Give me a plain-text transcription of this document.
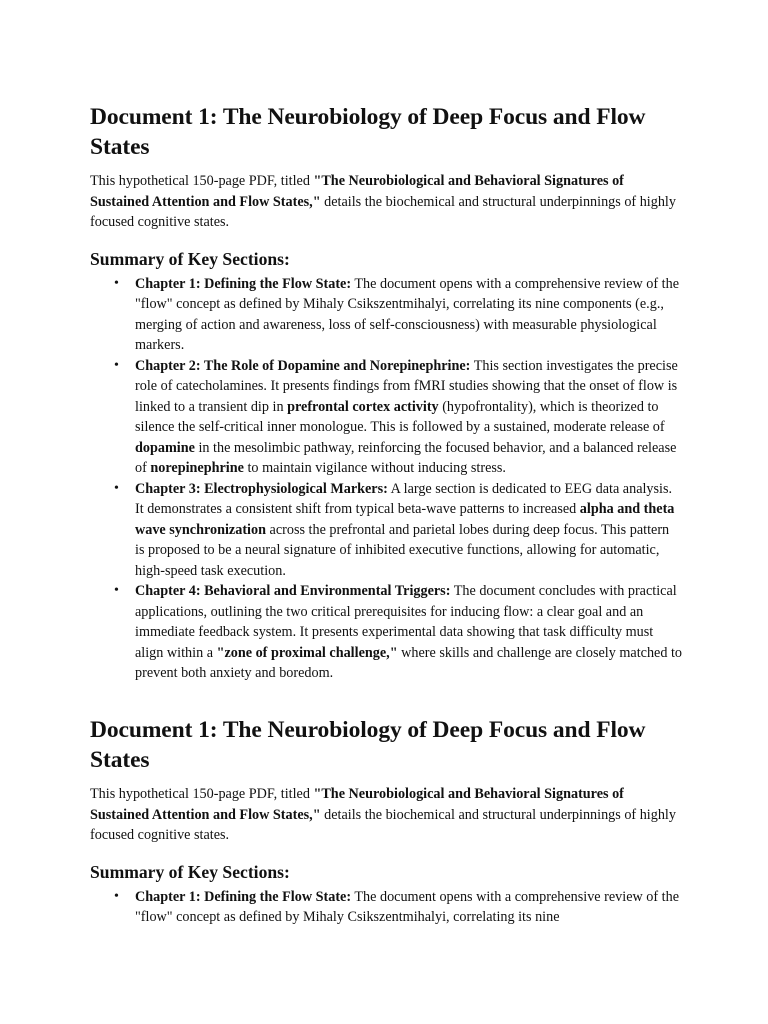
Document 1: The Neurobiology of Deep Focus and Flow States

This hypothetical 150-page PDF, titled "The Neurobiological and Behavioral Signatures of Sustained Attention and Flow States," details the biochemical and structural underpinnings of highly focused cognitive states.

Summary of Key Sections:
• Chapter 1: Defining the Flow State: The document opens with a comprehensive review of the "flow" concept as defined by Mihaly Csikszentmihalyi, correlating its nine components (e.g., merging of action and awareness, loss of self-consciousness) with measurable physiological markers.
• Chapter 2: The Role of Dopamine and Norepinephrine: This section investigates the precise role of catecholamines. It presents findings from fMRI studies showing that the onset of flow is linked to a transient dip in prefrontal cortex activity (hypofrontality), which is theorized to silence the self-critical inner monologue. This is followed by a sustained, moderate release of dopamine in the mesolimbic pathway, reinforcing the focused behavior, and a balanced release of norepinephrine to maintain vigilance without inducing stress.
• Chapter 3: Electrophysiological Markers: A large section is dedicated to EEG data analysis. It demonstrates a consistent shift from typical beta-wave patterns to increased alpha and theta wave synchronization across the prefrontal and parietal lobes during deep focus. This pattern is proposed to be a neural signature of inhibited executive functions, allowing for automatic, high-speed task execution.
• Chapter 4: Behavioral and Environmental Triggers: The document concludes with practical applications, outlining the two critical prerequisites for inducing flow: a clear goal and an immediate feedback system. It presents experimental data showing that task difficulty must align within a "zone of proximal challenge," where skills and challenge are closely matched to prevent both anxiety and boredom.
Document 1: The Neurobiology of Deep Focus and Flow States

This hypothetical 150-page PDF, titled "The Neurobiological and Behavioral Signatures of Sustained Attention and Flow States," details the biochemical and structural underpinnings of highly focused cognitive states.

Summary of Key Sections:
• Chapter 1: Defining the Flow State: The document opens with a comprehensive review of the "flow" concept as defined by Mihaly Csikszentmihalyi, correlating its nine
